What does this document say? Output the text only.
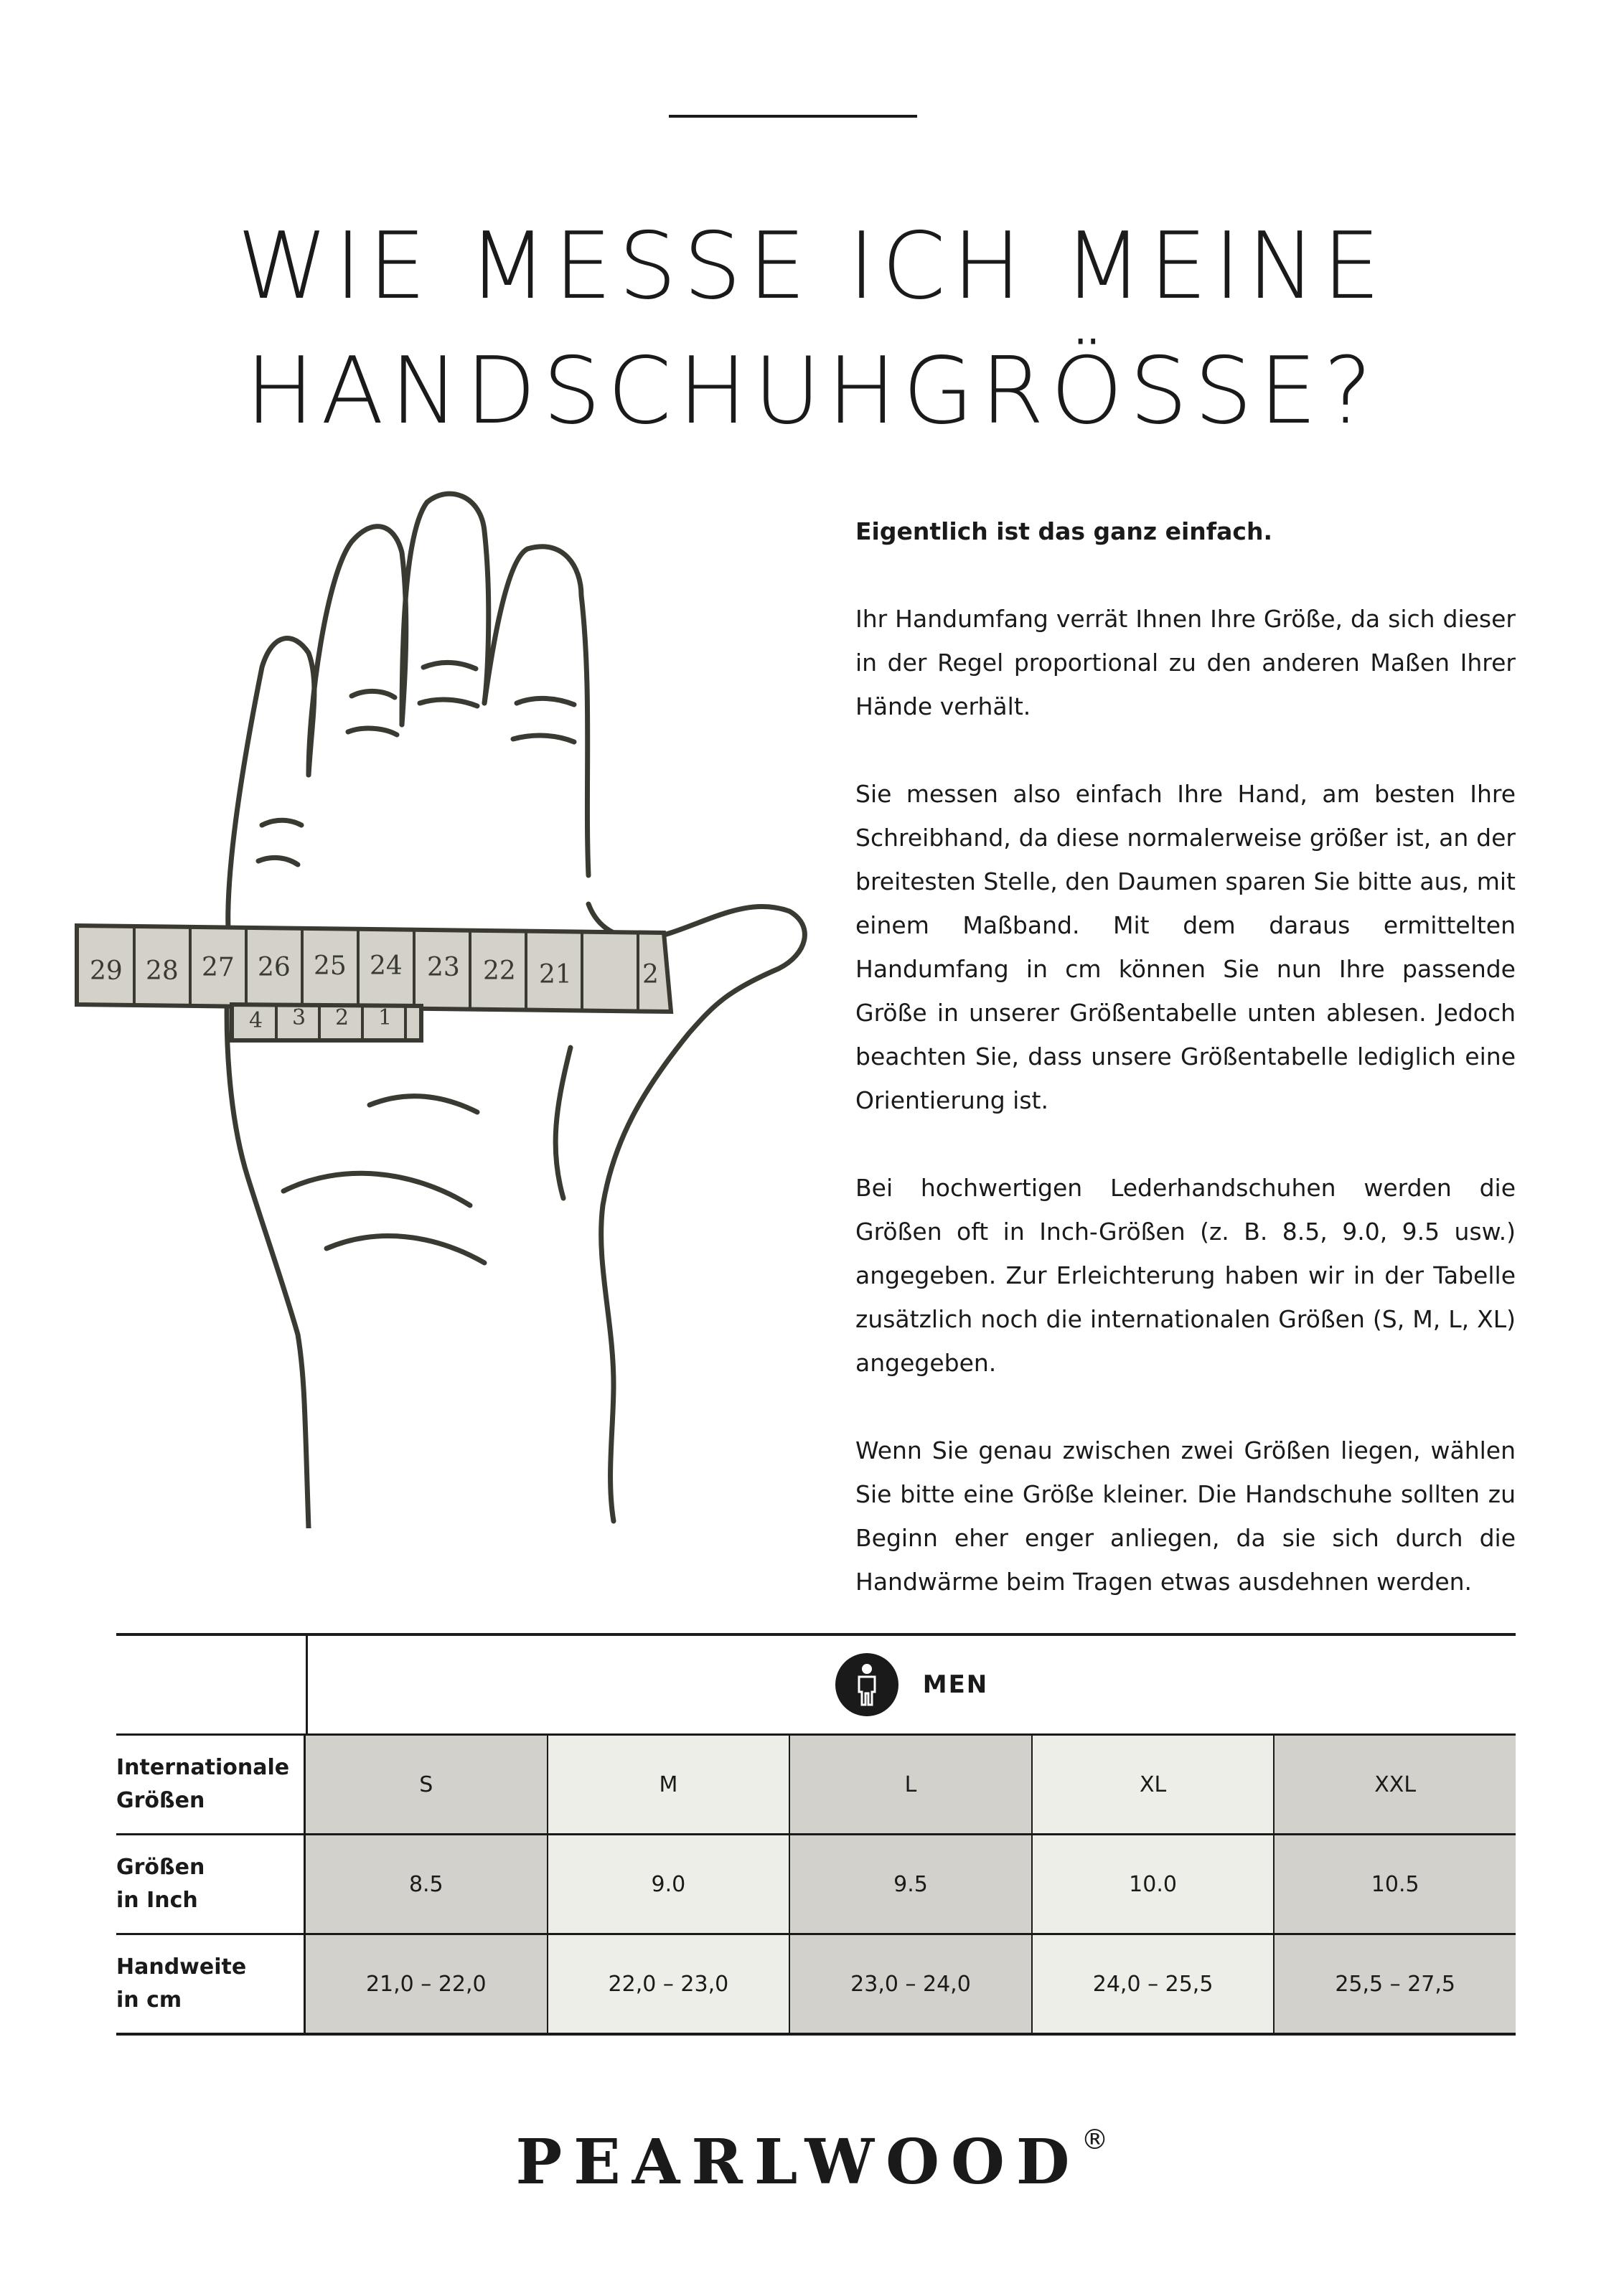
WIE MESSE ICH MEINE
HANDSCHUHGRÖSSE?
29 28 27 26 25 24 23 22 21	2
4 3 2 1

Eigentlich ist das ganz einfach.

Ihr Handumfang verrät Ihnen Ihre Größe, da sich dieser in der Regel proportional zu den anderen Maßen Ihrer Hände verhält.

Sie messen also einfach Ihre Hand, am besten Ihre Schreibhand, da diese normalerweise größer ist, an der breitesten Stelle, den Daumen sparen Sie bitte aus, mit einem Maßband. Mit dem daraus ermittelten Handumfang in cm können Sie nun Ihre passende Größe in unserer Größentabelle unten ablesen. Jedoch beachten Sie, dass unsere Größentabelle lediglich eine Orientierung ist.

Bei hochwertigen Lederhandschuhen werden die Größen oft in Inch-Größen (z. B. 8.5, 9.0, 9.5 usw.) angegeben. Zur Erleichterung haben wir in der Tabelle zusätzlich noch die internationalen Größen (S, M, L, XL) angegeben.

Wenn Sie genau zwischen zwei Größen liegen, wählen Sie bitte eine Größe kleiner. Die Handschuhe sollten zu Beginn eher enger anliegen, da sie sich durch die Handwärme beim Tragen etwas ausdehnen werden.

MEN
Internationale
Größen
S	M	L	XL	XXL
Größen
in Inch
8.5	9.0	9.5	10.0	10.5
Handweite
in cm
21,0 – 22,0	22,0 – 23,0	23,0 – 24,0	24,0 – 25,5	25,5 – 27,5
PEARLWOOD®
